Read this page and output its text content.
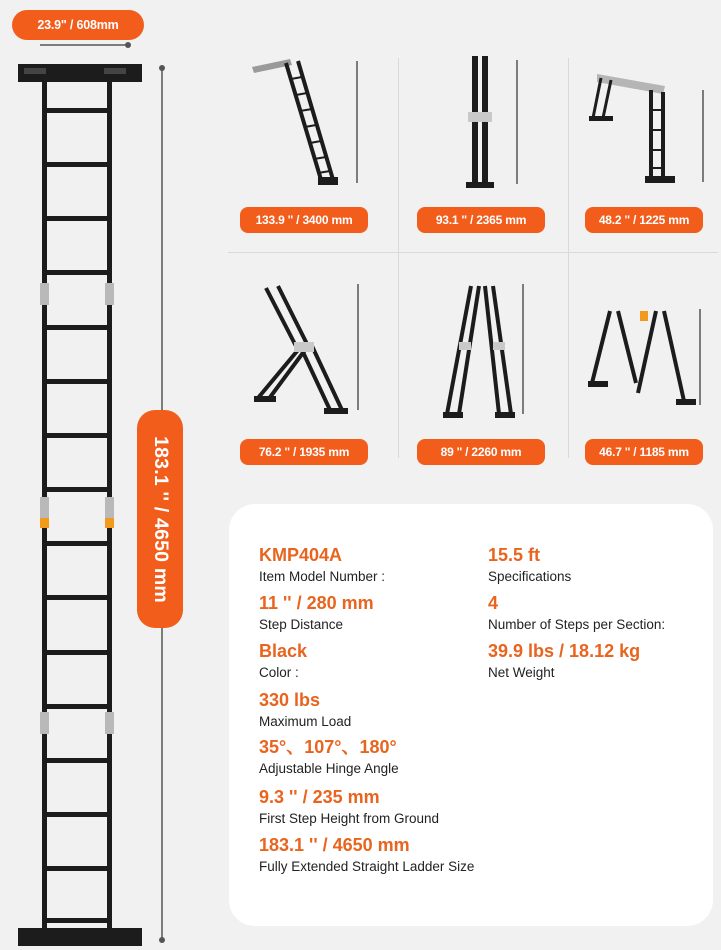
23.9" / 608mm
183.1 '' / 4650 mm
133.9 '' / 3400 mm	93.1 '' / 2365 mm	48.2 '' / 1225 mm
76.2 '' / 1935 mm	89 '' / 2260 mm	46.7 '' / 1185 mm
KMP404A
Item Model Number :
11 '' / 280 mm
Step Distance
Black
Color :
330 lbs
Maximum Load
35°、107°、180°
Adjustable Hinge Angle
9.3 '' / 235 mm
First Step Height from Ground
183.1 '' / 4650 mm
Fully Extended Straight Ladder Size
15.5 ft
Specifications
4
Number of Steps per Section:
39.9 lbs / 18.12 kg
Net Weight
